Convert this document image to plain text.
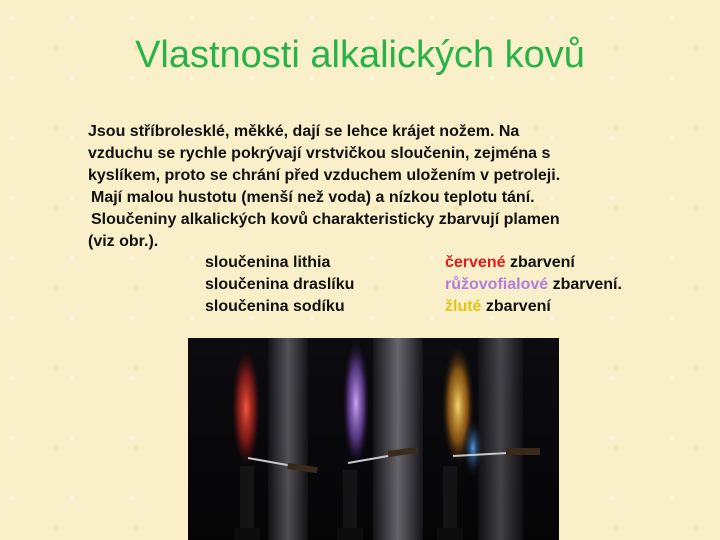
Vlastnosti alkalických kovů
Jsou stříbrolesklé, měkké, dají se lehce krájet nožem. Na
vzduchu se rychle pokrývají vrstvičkou sloučenin, zejména s
kyslíkem, proto se chrání před vzduchem uložením v petroleji.
Mají malou hustotu (menší než voda) a nízkou teplotu tání.
Sloučeniny alkalických kovů charakteristicky zbarvují plamen
(viz obr.).
sloučenina lithia
sloučenina draslíku
sloučenina sodíku
červené zbarvení
růžovofialové zbarvení.
žluté zbarvení
